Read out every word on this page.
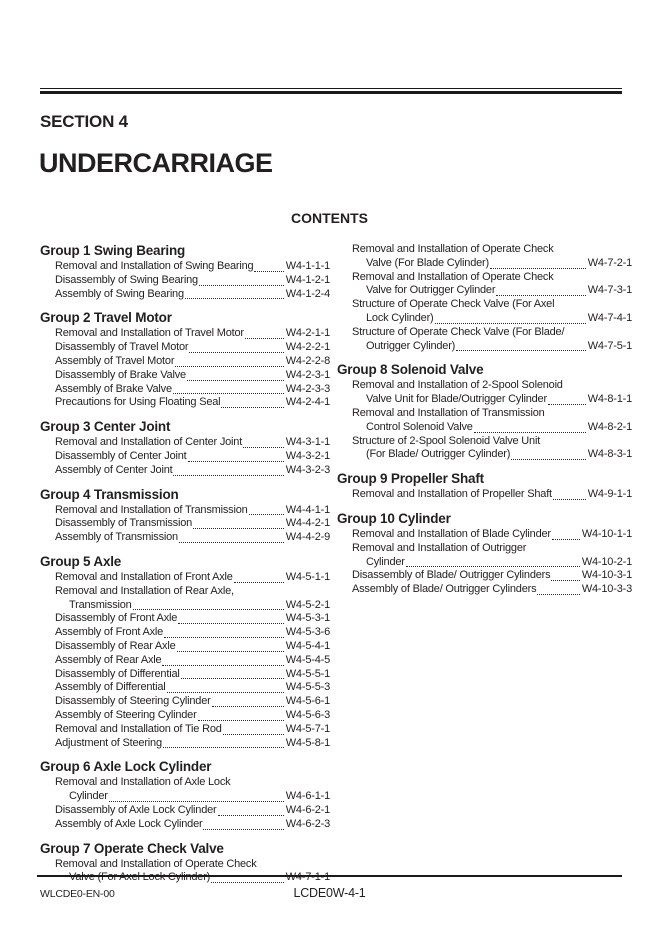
SECTION 4
UNDERCARRIAGE
CONTENTS
Group 1 Swing Bearing
Removal and Installation of Swing Bearing	W4-1-1-1
Disassembly of Swing Bearing	W4-1-2-1
Assembly of Swing Bearing	W4-1-2-4
Group 2 Travel Motor
Removal and Installation of Travel Motor	W4-2-1-1
Disassembly of Travel Motor	W4-2-2-1
Assembly of Travel Motor	W4-2-2-8
Disassembly of Brake Valve	W4-2-3-1
Assembly of Brake Valve	W4-2-3-3
Precautions for Using Floating Seal	W4-2-4-1
Group 3 Center Joint
Removal and Installation of Center Joint	W4-3-1-1
Disassembly of Center Joint	W4-3-2-1
Assembly of Center Joint	W4-3-2-3
Group 4 Transmission
Removal and Installation of Transmission	W4-4-1-1
Disassembly of Transmission	W4-4-2-1
Assembly of Transmission	W4-4-2-9
Group 5 Axle
Removal and Installation of Front Axle	W4-5-1-1
Removal and Installation of Rear Axle,
Transmission	W4-5-2-1
Disassembly of Front Axle	W4-5-3-1
Assembly of Front Axle	W4-5-3-6
Disassembly of Rear Axle	W4-5-4-1
Assembly of Rear Axle	W4-5-4-5
Disassembly of Differential	W4-5-5-1
Assembly of Differential	W4-5-5-3
Disassembly of Steering Cylinder	W4-5-6-1
Assembly of Steering Cylinder	W4-5-6-3
Removal and Installation of Tie Rod	W4-5-7-1
Adjustment of Steering	W4-5-8-1
Group 6 Axle Lock Cylinder
Removal and Installation of Axle Lock
Cylinder	W4-6-1-1
Disassembly of Axle Lock Cylinder	W4-6-2-1
Assembly of Axle Lock Cylinder	W4-6-2-3
Group 7 Operate Check Valve
Removal and Installation of Operate Check
Valve (For Axel Lock Cylinder)	W4-7-1-1
Removal and Installation of Operate Check
Valve (For Blade Cylinder)	W4-7-2-1
Removal and Installation of Operate Check
Valve for Outrigger Cylinder	W4-7-3-1
Structure of Operate Check Valve (For Axel
Lock Cylinder)	W4-7-4-1
Structure of Operate Check Valve (For Blade/
Outrigger Cylinder)	W4-7-5-1
Group 8 Solenoid Valve
Removal and Installation of 2-Spool Solenoid
Valve Unit for Blade/Outrigger Cylinder	W4-8-1-1
Removal and Installation of Transmission
Control Solenoid Valve	W4-8-2-1
Structure of 2-Spool Solenoid Valve Unit
(For Blade/ Outrigger Cylinder)	W4-8-3-1
Group 9 Propeller Shaft
Removal and Installation of Propeller Shaft	W4-9-1-1
Group 10 Cylinder
Removal and Installation of Blade Cylinder	W4-10-1-1
Removal and Installation of Outrigger
Cylinder	W4-10-2-1
Disassembly of Blade/ Outrigger Cylinders	W4-10-3-1
Assembly of Blade/ Outrigger Cylinders	W4-10-3-3
WLCDE0-EN-00	LCDE0W-4-1
